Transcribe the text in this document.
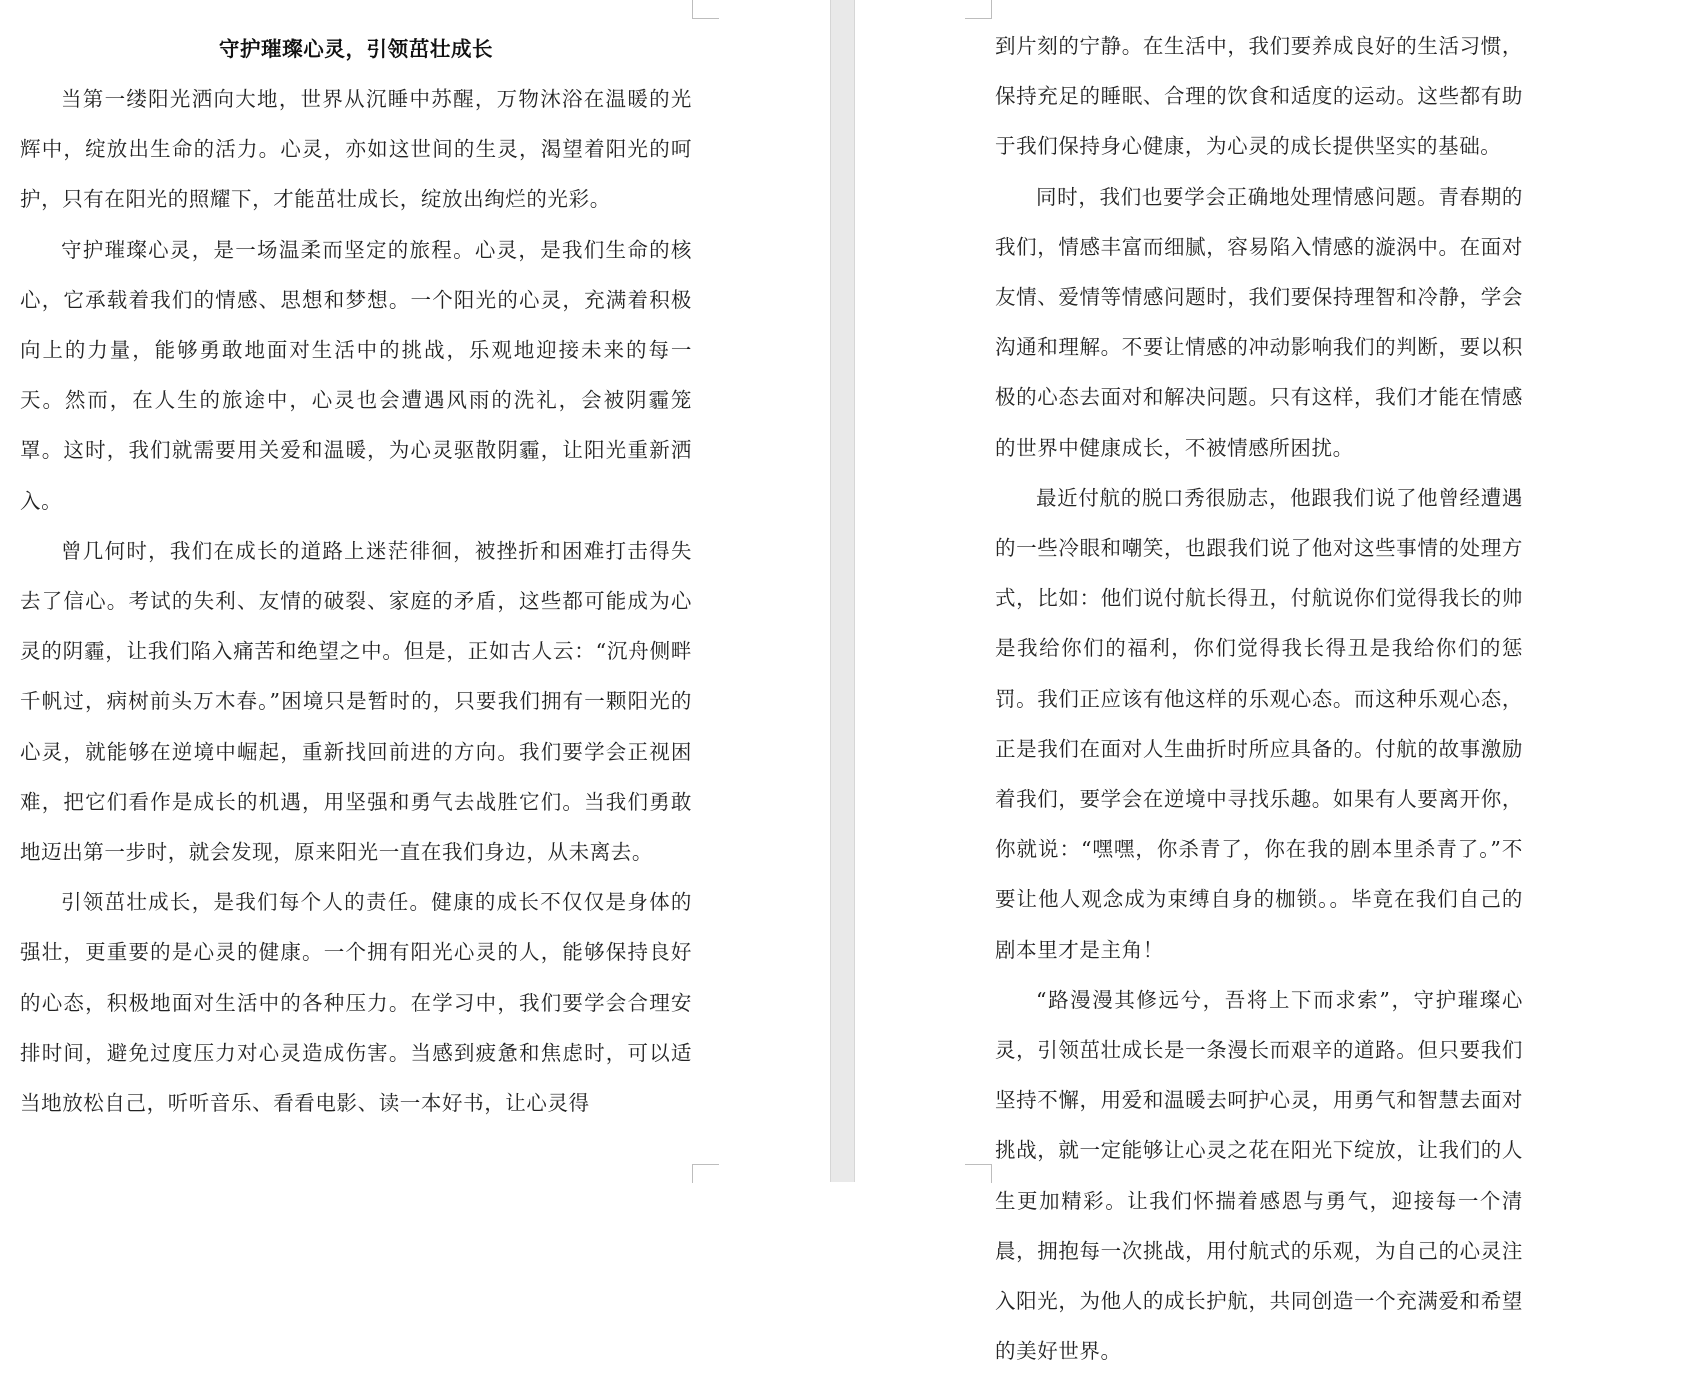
守护璀璨心灵，引领茁壮成长

当第一缕阳光洒向大地，世界从沉睡中苏醒，万物沐浴在温暖的光辉中，绽放出生命的活力。心灵，亦如这世间的生灵，渴望着阳光的呵护，只有在阳光的照耀下，才能茁壮成长，绽放出绚烂的光彩。

守护璀璨心灵，是一场温柔而坚定的旅程。心灵，是我们生命的核心，它承载着我们的情感、思想和梦想。一个阳光的心灵，充满着积极向上的力量，能够勇敢地面对生活中的挑战，乐观地迎接未来的每一天。然而，在人生的旅途中，心灵也会遭遇风雨的洗礼，会被阴霾笼罩。这时，我们就需要用关爱和温暖，为心灵驱散阴霾，让阳光重新洒入。

曾几何时，我们在成长的道路上迷茫徘徊，被挫折和困难打击得失去了信心。考试的失利、友情的破裂、家庭的矛盾，这些都可能成为心灵的阴霾，让我们陷入痛苦和绝望之中。但是，正如古人云：“沉舟侧畔千帆过，病树前头万木春。”困境只是暂时的，只要我们拥有一颗阳光的心灵，就能够在逆境中崛起，重新找回前进的方向。我们要学会正视困难，把它们看作是成长的机遇，用坚强和勇气去战胜它们。当我们勇敢地迈出第一步时，就会发现，原来阳光一直在我们身边，从未离去。

引领茁壮成长，是我们每个人的责任。健康的成长不仅仅是身体的强壮，更重要的是心灵的健康。一个拥有阳光心灵的人，能够保持良好的心态，积极地面对生活中的各种压力。在学习中，我们要学会合理安排时间，避免过度压力对心灵造成伤害。当感到疲惫和焦虑时，可以适当地放松自己，听听音乐、看看电影、读一本好书，让心灵得

到片刻的宁静。在生活中，我们要养成良好的生活习惯，保持充足的睡眠、合理的饮食和适度的运动。这些都有助于我们保持身心健康，为心灵的成长提供坚实的基础。

同时，我们也要学会正确地处理情感问题。青春期的我们，情感丰富而细腻，容易陷入情感的漩涡中。在面对友情、爱情等情感问题时，我们要保持理智和冷静，学会沟通和理解。不要让情感的冲动影响我们的判断，要以积极的心态去面对和解决问题。只有这样，我们才能在情感的世界中健康成长，不被情感所困扰。

最近付航的脱口秀很励志，他跟我们说了他曾经遭遇的一些冷眼和嘲笑，也跟我们说了他对这些事情的处理方式，比如：他们说付航长得丑，付航说你们觉得我长的帅是我给你们的福利，你们觉得我长得丑是我给你们的惩罚。我们正应该有他这样的乐观心态。而这种乐观心态，正是我们在面对人生曲折时所应具备的。付航的故事激励着我们，要学会在逆境中寻找乐趣。如果有人要离开你，你就说：“嘿嘿，你杀青了，你在我的剧本里杀青了。”不要让他人观念成为束缚自身的枷锁。。毕竟在我们自己的剧本里才是主角！

“路漫漫其修远兮，吾将上下而求索”，守护璀璨心灵，引领茁壮成长是一条漫长而艰辛的道路。但只要我们坚持不懈，用爱和温暖去呵护心灵，用勇气和智慧去面对挑战，就一定能够让心灵之花在阳光下绽放，让我们的人生更加精彩。让我们怀揣着感恩与勇气，迎接每一个清晨，拥抱每一次挑战，用付航式的乐观，为自己的心灵注入阳光，为他人的成长护航，共同创造一个充满爱和希望的美好世界。
